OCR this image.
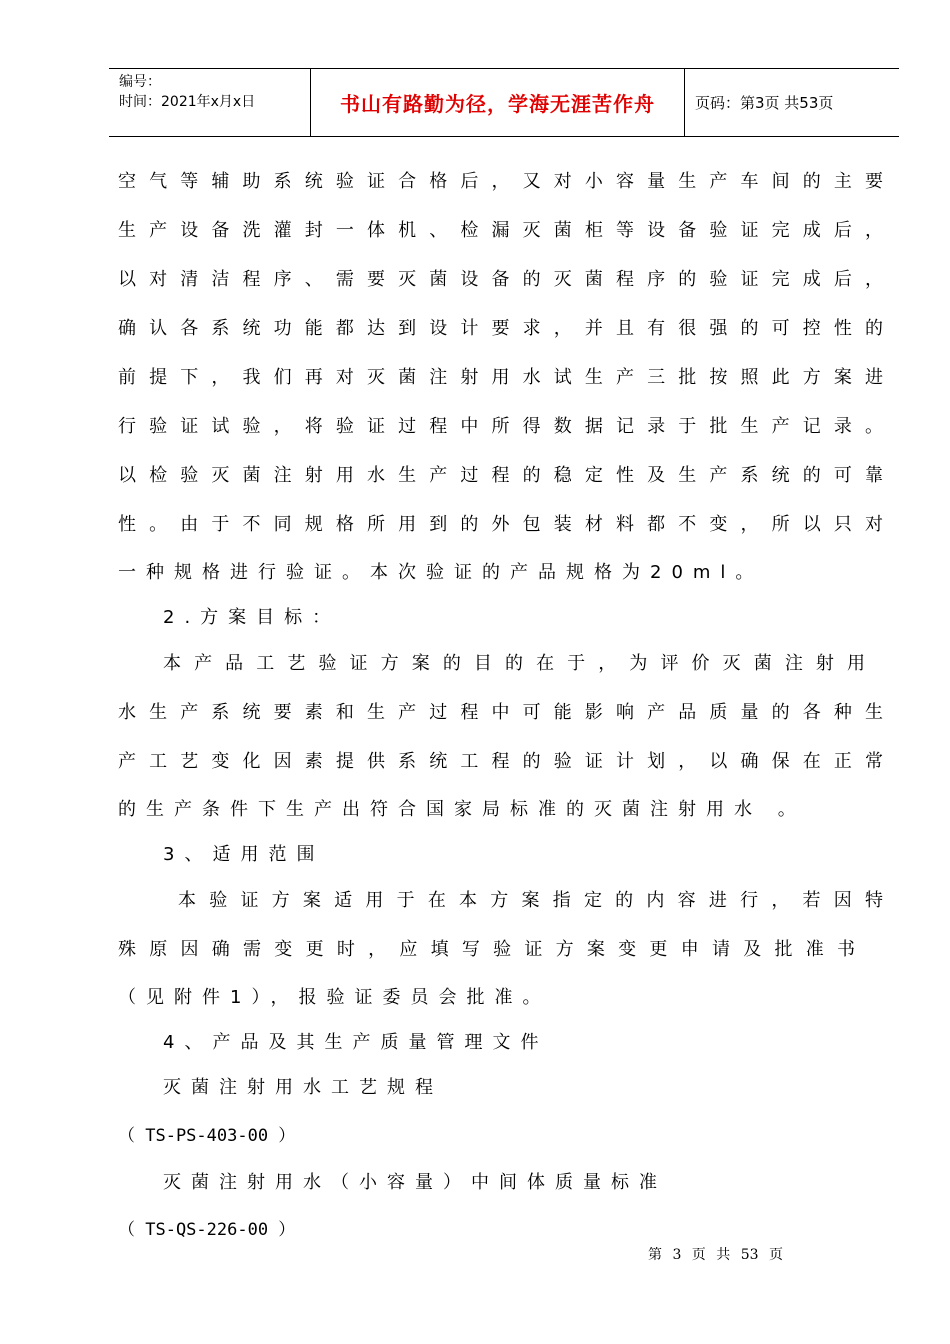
编号：
时间：2021年x月x日	书山有路勤为径，学海无涯苦作舟	页码：第3页 共53页
空气等辅助系统验证合格后，又对小容量生产车间的主要
生产设备洗灌封一体机、检漏灭菌柜等设备验证完成后，
以对清洁程序、需要灭菌设备的灭菌程序的验证完成后，
确认各系统功能都达到设计要求，并且有很强的可控性的
前提下，我们再对灭菌注射用水试生产三批按照此方案进
行验证试验，将验证过程中所得数据记录于批生产记录。
以检验灭菌注射用水生产过程的稳定性及生产系统的可靠
性。由于不同规格所用到的外包装材料都不变，所以只对
一种规格进行验证。本次验证的产品规格为20ml。
2.方案目标：
本产品工艺验证方案的目的在于，为评价灭菌注射用
水生产系统要素和生产过程中可能影响产品质量的各种生
产工艺变化因素提供系统工程的验证计划，以确保在正常
的生产条件下生产出符合国家局标准的灭菌注射用水 。
3、适用范围
本验证方案适用于在本方案指定的内容进行，若因特
殊原因确需变更时，应填写验证方案变更申请及批准书
（见附件1），报验证委员会批准。
4、产品及其生产质量管理文件
灭菌注射用水工艺规程
（ TS-PS-403-00 ）
灭菌注射用水（小容量）中间体质量标准
（ TS-QS-226-00 ）
第 3 页 共 53 页
